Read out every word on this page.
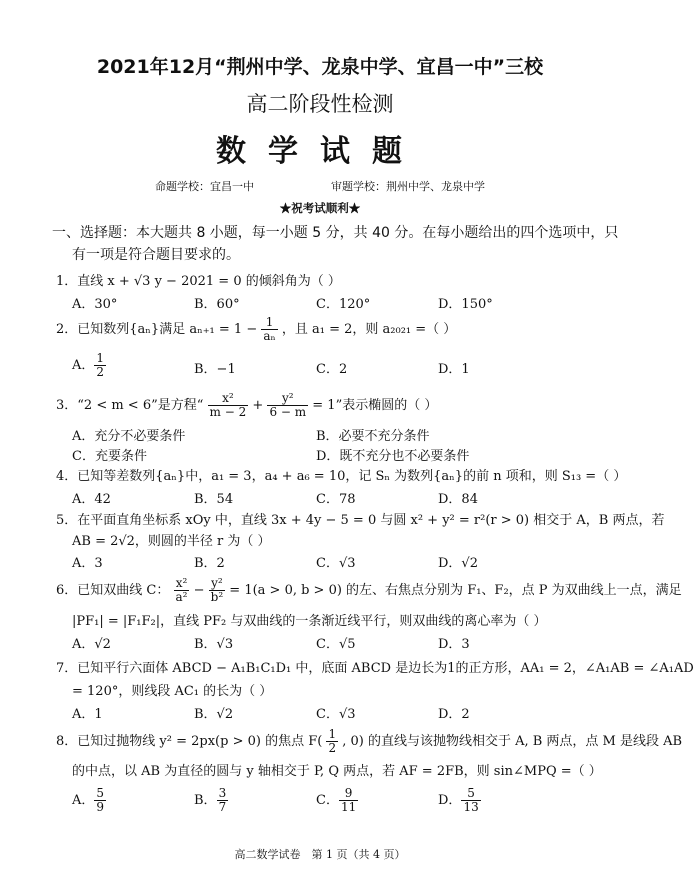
2021年12月“荆州中学、龙泉中学、宜昌一中”三校
高二阶段性检测
数学试题
命题学校：宜昌一中	审题学校：荆州中学、龙泉中学
★祝考试顺利★
一、选择题：本大题共 8 小题，每一小题 5 分，共 40 分。在每小题给出的四个选项中，只
有一项是符合题目要求的。
1．直线 x + √3 y − 2021 = 0 的倾斜角为（ ）
A．30°	B．60°	C．120°	D．150°
2．已知数列{aₙ}满足 $a_{n+1} = 1 - \frac{1}{\text{aₙ}}$ ，且 a₁ = 2，则 a₂₀₂₁ =（ ）
A． $\frac{1}{2}$	B．−1	C．2	D．1
3．“2 < m < 6”是方程“ $\frac{\text{x²}}{m - 2} + \frac{\text{y²}}{6 - m} = 1$”表示椭圆的（ ）
A．充分不必要条件	B．必要不充分条件
C．充要条件	D．既不充分也不必要条件
4．已知等差数列{aₙ}中，a₁ = 3，a₄ + a₆ = 10，记 Sₙ 为数列{aₙ}的前 n 项和，则 S₁₃ =（ ）
A．42	B．54	C．78	D．84
5．在平面直角坐标系 xOy 中，直线 3x + 4y − 5 = 0 与圆 x² + y² = r²(r > 0) 相交于 A，B 两点，若
AB = 2√2，则圆的半径 r 为（ ）
A．3	B．2	C．√3	D．√2
6．已知双曲线 C： $\frac{\text{x²}}{\text{a²}} - \frac{\text{y²}}{\text{b²}} = 1(a > 0$, b > 0) 的左、右焦点分别为 F₁、F₂，点 P 为双曲线上一点，满足
|PF₁| = |F₁F₂|，直线 PF₂ 与双曲线的一条渐近线平行，则双曲线的离心率为（ ）
A．√2	B．√3	C．√5	D．3
7．已知平行六面体 ABCD − A₁B₁C₁D₁ 中，底面 ABCD 是边长为1的正方形，AA₁ = 2，∠A₁AB = ∠A₁AD
= 120°，则线段 AC₁ 的长为（ ）
A．1	B．√2	C．√3	D．2
8．已知过抛物线 y² = 2px(p > 0) 的焦点 $F( \frac{1}{2}$ , 0) 的直线与该抛物线相交于 A, B 两点，点 M 是线段 AB
的中点，以 AB 为直径的圆与 y 轴相交于 P, Q 两点，若 AF = 2FB，则 sin∠MPQ =（ ）
A． $\frac{5}{9}$	B． $\frac{3}{7}$	C． $\frac{9}{11}$	D． $\frac{5}{13}$
高二数学试卷　第 1 页（共 4 页）
